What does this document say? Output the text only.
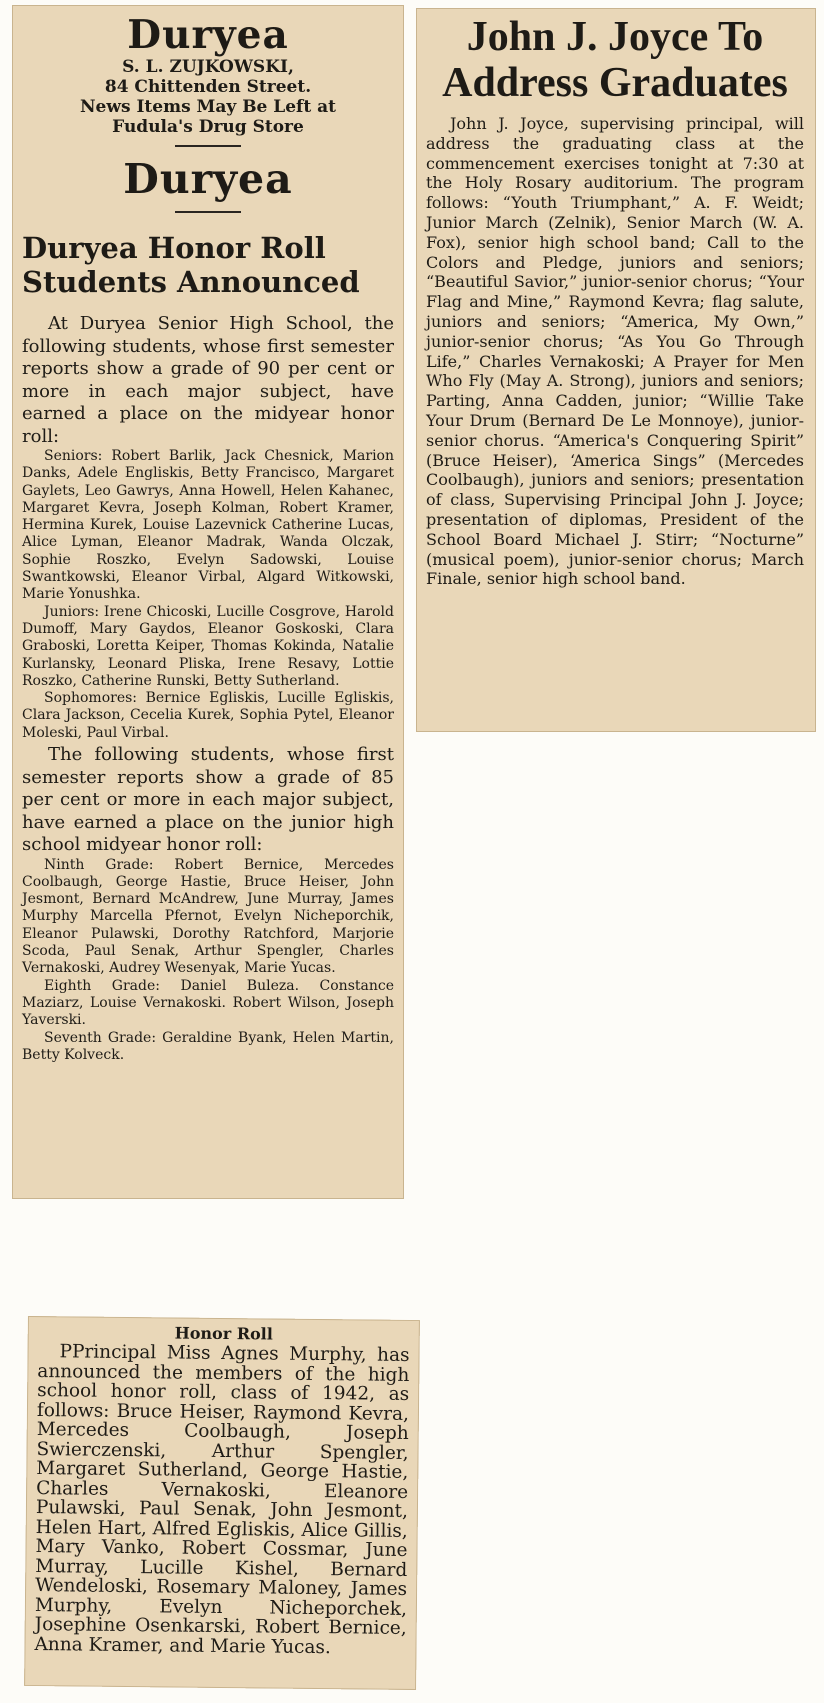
Duryea
S. L. ZUJKOWSKI,
84 Chittenden Street.
News Items May Be Left at
Fudula's Drug Store
Duryea
Duryea Honor Roll Students Announced
At Duryea Senior High School, the following students, whose first semester reports show a grade of 90 per cent or more in each major subject, have earned a place on the midyear honor roll:
Seniors: Robert Barlik, Jack Chesnick, Marion Danks, Adele Engliskis, Betty Francisco, Margaret Gaylets, Leo Gawrys, Anna Howell, Helen Kahanec, Margaret Kevra, Joseph Kolman, Robert Kramer, Hermina Kurek, Louise Lazevnick Catherine Lucas, Alice Lyman, Eleanor Madrak, Wanda Olczak, Sophie Roszko, Evelyn Sadowski, Louise Swantkowski, Eleanor Virbal, Algard Witkowski, Marie Yonushka.
Juniors: Irene Chicoski, Lucille Cosgrove, Harold Dumoff, Mary Gaydos, Eleanor Goskoski, Clara Graboski, Loretta Keiper, Thomas Kokinda, Natalie Kurlansky, Leonard Pliska, Irene Resavy, Lottie Roszko, Catherine Runski, Betty Sutherland.
Sophomores: Bernice Egliskis, Lucille Egliskis, Clara Jackson, Cecelia Kurek, Sophia Pytel, Eleanor Moleski, Paul Virbal.
The following students, whose first semester reports show a grade of 85 per cent or more in each major subject, have earned a place on the junior high school midyear honor roll:
Ninth Grade: Robert Bernice, Mercedes Coolbaugh, George Hastie, Bruce Heiser, John Jesmont, Bernard McAndrew, June Murray, James Murphy Marcella Pfernot, Evelyn Nicheporchik, Eleanor Pulawski, Dorothy Ratchford, Marjorie Scoda, Paul Senak, Arthur Spengler, Charles Vernakoski, Audrey Wesenyak, Marie Yucas.
Eighth Grade: Daniel Buleza. Constance Maziarz, Louise Vernakoski. Robert Wilson, Joseph Yaverski.
Seventh Grade: Geraldine Byank, Helen Martin, Betty Kolveck.
John J. Joyce To
Address Graduates
John J. Joyce, supervising principal, will address the graduating class at the commencement exercises tonight at 7:30 at the Holy Rosary auditorium. The program follows: “Youth Triumphant,” A. F. Weidt; Junior March (Zelnik), Senior March (W. A. Fox), senior high school band; Call to the Colors and Pledge, juniors and seniors; “Beautiful Savior,” junior-senior chorus; “Your Flag and Mine,” Raymond Kevra; flag salute, juniors and seniors; “America, My Own,” junior-senior chorus; “As You Go Through Life,” Charles Vernakoski; A Prayer for Men Who Fly (May A. Strong), juniors and seniors; Parting, Anna Cadden, junior; “Willie Take Your Drum (Bernard De Le Monnoye), junior-senior chorus. “America's Conquering Spirit” (Bruce Heiser), ‘America Sings” (Mercedes Coolbaugh), juniors and seniors; presentation of class, Supervising Principal John J. Joyce; presentation of diplomas, President of the School Board Michael J. Stirr; “Nocturne” (musical poem), junior-senior chorus; March Finale, senior high school band.
Honor Roll
PPrincipal Miss Agnes Murphy, has announced the members of the high school honor roll, class of 1942, as follows: Bruce Heiser, Raymond Kevra, Mercedes Coolbaugh, Joseph Swierczenski, Arthur Spengler, Margaret Sutherland, George Hastie, Charles Vernakoski, Eleanore Pulawski, Paul Senak, John Jesmont, Helen Hart, Alfred Egliskis, Alice Gillis, Mary Vanko, Robert Cossmar, June Murray, Lucille Kishel, Bernard Wendeloski, Rosemary Maloney, James Murphy, Evelyn Nicheporchek, Josephine Osenkarski, Robert Bernice, Anna Kramer, and Marie Yucas.
